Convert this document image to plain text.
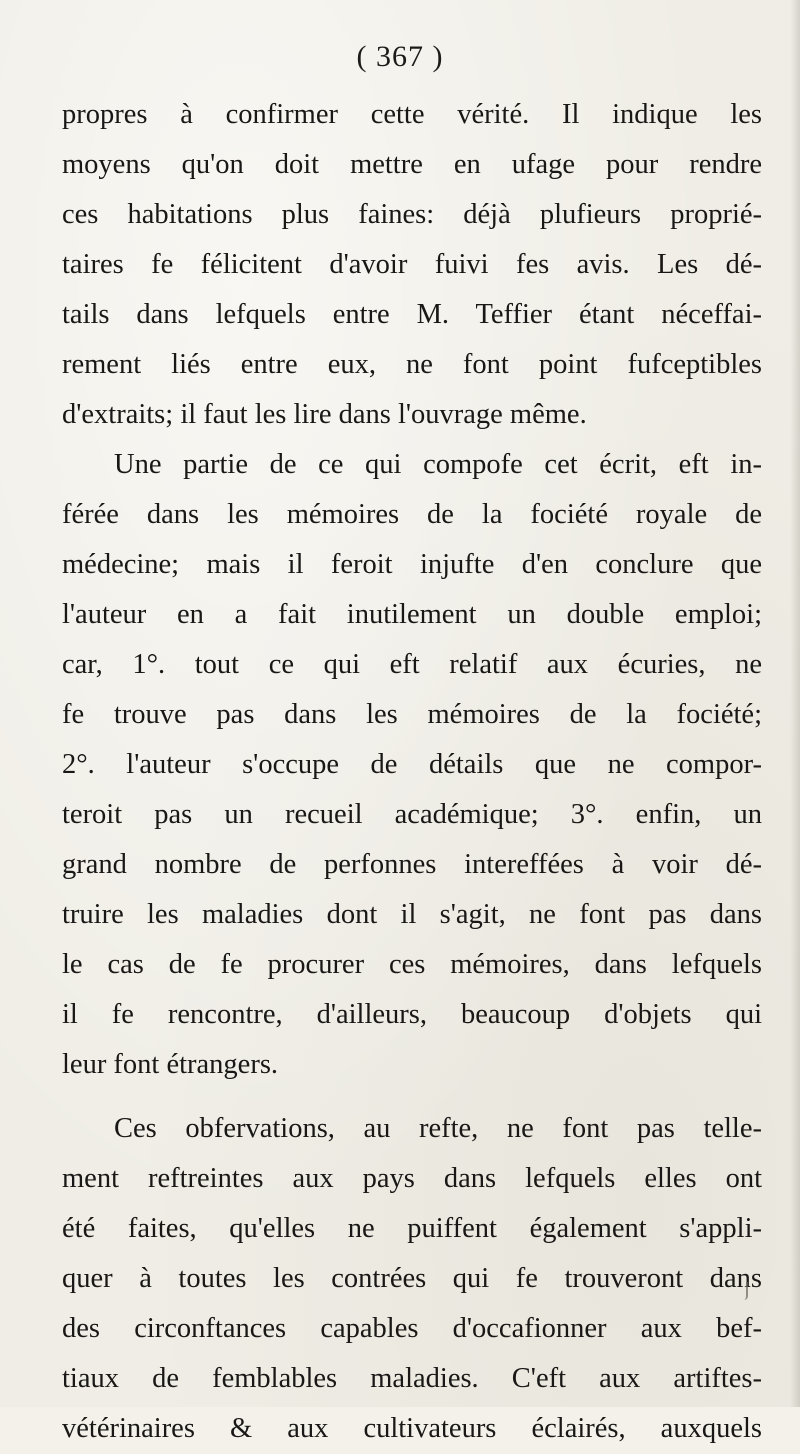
( 367 )
propres à confirmer cette vérité. Il indique les
moyens qu'on doit mettre en ufage pour rendre
ces habitations plus faines: déjà plufieurs proprié-
taires fe félicitent d'avoir fuivi fes avis. Les dé-
tails dans lefquels entre M. Teffier étant néceffai-
rement liés entre eux, ne font point fufceptibles
d'extraits; il faut les lire dans l'ouvrage même.
Une partie de ce qui compofe cet écrit, eft in-
férée dans les mémoires de la fociété royale de
médecine; mais il feroit injufte d'en conclure que
l'auteur en a fait inutilement un double emploi;
car, 1°. tout ce qui eft relatif aux écuries, ne
fe trouve pas dans les mémoires de la fociété;
2°. l'auteur s'occupe de détails que ne compor-
teroit pas un recueil académique; 3°. enfin, un
grand nombre de perfonnes intereffées à voir dé-
truire les maladies dont il s'agit, ne font pas dans
le cas de fe procurer ces mémoires, dans lefquels
il fe rencontre, d'ailleurs, beaucoup d'objets qui
leur font étrangers.
Ces obfervations, au refte, ne font pas telle-
ment reftreintes aux pays dans lefquels elles ont
été faites, qu'elles ne puiffent également s'appli-
quer à toutes les contrées qui fe trouveront dans
des circonftances capables d'occafionner aux bef-
tiaux de femblables maladies. C'eft aux artiftes-
vétérinaires & aux cultivateurs éclairés, auxquels
